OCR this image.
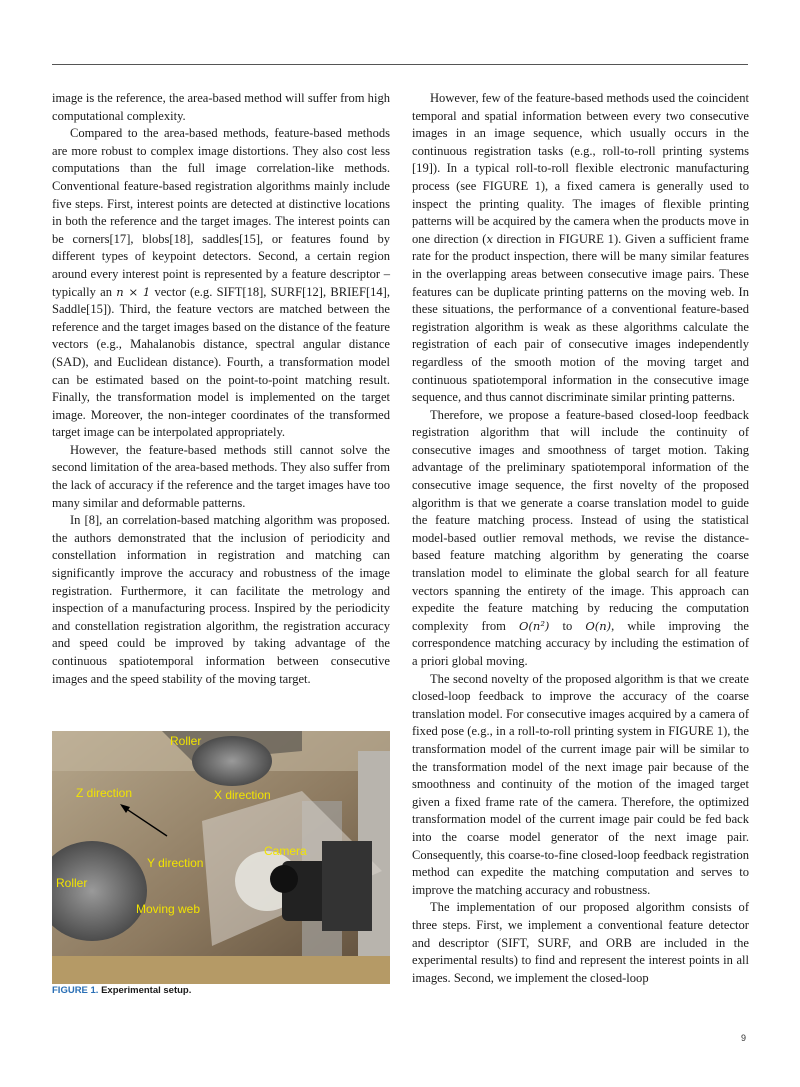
image is the reference, the area-based method will suffer from high computational complexity.

Compared to the area-based methods, feature-based methods are more robust to complex image distortions. They also cost less computations than the full image correlation-like methods. Conventional feature-based registration algorithms mainly include five steps. First, interest points are detected at distinctive locations in both the reference and the target images. The interest points can be corners[17], blobs[18], saddles[15], or features found by different types of keypoint detectors. Second, a certain region around every interest point is represented by a feature descriptor – typically an n × 1 vector (e.g. SIFT[18], SURF[12], BRIEF[14], Saddle[15]). Third, the feature vectors are matched between the reference and the target images based on the distance of the feature vectors (e.g., Mahalanobis distance, spectral angular distance (SAD), and Euclidean distance). Fourth, a transformation model can be estimated based on the point-to-point matching result. Finally, the transformation model is implemented on the target image. Moreover, the non-integer coordinates of the transformed target image can be interpolated appropriately.

However, the feature-based methods still cannot solve the second limitation of the area-based methods. They also suffer from the lack of accuracy if the reference and the target images have too many similar and deformable patterns.

In [8], an correlation-based matching algorithm was proposed. the authors demonstrated that the inclusion of periodicity and constellation information in registration and matching can significantly improve the accuracy and robustness of the image registration. Furthermore, it can facilitate the metrology and inspection of a manufacturing process. Inspired by the periodicity and constellation registration algorithm, the registration accuracy and speed could be improved by taking advantage of the continuous spatiotemporal information between consecutive images and the speed stability of the moving target.

Roller
Z direction	X direction
Camera
Y direction
Roller
Moving web
FIGURE 1. Experimental setup.

However, few of the feature-based methods used the coincident temporal and spatial information between every two consecutive images in an image sequence, which usually occurs in the continuous registration tasks (e.g., roll-to-roll printing systems [19]). In a typical roll-to-roll flexible electronic manufacturing process (see FIGURE 1), a fixed camera is generally used to inspect the printing quality. The images of flexible printing patterns will be acquired by the camera when the products move in one direction (x direction in FIGURE 1). Given a sufficient frame rate for the product inspection, there will be many similar features in the overlapping areas between consecutive image pairs. These features can be duplicate printing patterns on the moving web. In these situations, the performance of a conventional feature-based registration algorithm is weak as these algorithms calculate the registration of each pair of consecutive images independently regardless of the smooth motion of the moving target and continuous spatiotemporal information in the consecutive image sequence, and thus cannot discriminate similar printing patterns.

Therefore, we propose a feature-based closed-loop feedback registration algorithm that will include the continuity of consecutive images and smoothness of target motion. Taking advantage of the preliminary spatiotemporal information of the consecutive image sequence, the first novelty of the proposed algorithm is that we generate a coarse translation model to guide the feature matching process. Instead of using the statistical model-based outlier removal methods, we revise the distance-based feature matching algorithm by generating the coarse translation model to eliminate the global search for all feature vectors spanning the entirety of the image. This approach can expedite the feature matching by reducing the computation complexity from O(n²) to O(n), while improving the correspondence matching accuracy by including the estimation of a priori global moving.

The second novelty of the proposed algorithm is that we create closed-loop feedback to improve the accuracy of the coarse translation model. For consecutive images acquired by a camera of fixed pose (e.g., in a roll-to-roll printing system in FIGURE 1), the transformation model of the current image pair will be similar to the transformation model of the next image pair because of the smoothness and continuity of the motion of the imaged target given a fixed frame rate of the camera. Therefore, the optimized transformation model of the current image pair could be fed back into the coarse model generator of the next image pair. Consequently, this coarse-to-fine closed-loop feedback registration method can expedite the matching computation and serves to improve the matching accuracy and robustness.

The implementation of our proposed algorithm consists of three steps. First, we implement a conventional feature detector and descriptor (SIFT, SURF, and ORB are included in the experimental results) to find and represent the interest points in all images. Second, we implement the closed-loop

9
